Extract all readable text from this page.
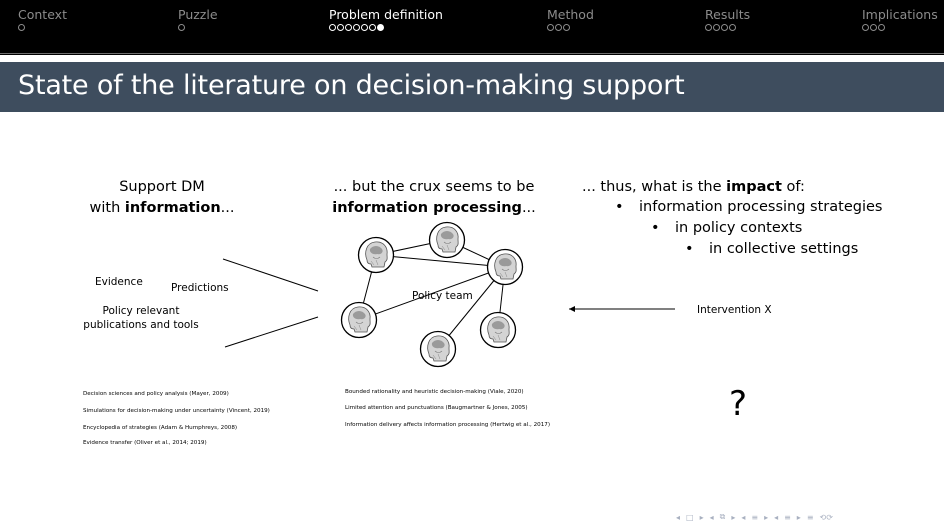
Context	Puzzle	Problem definition	Method	Results	Implications
State of the literature on decision-making support
Support DM
with information...
Evidence	Predictions
Policy relevant
publications and tools
Decision sciences and policy analysis (Mayer, 2009)
Simulations for decision-making under uncertainty (Vincent, 2019)
Encyclopedia of strategies (Adam & Humphreys, 2008)
Evidence transfer (Oliver et al., 2014; 2019)
... but the crux seems to be
information processing...
Policy team
Bounded rationality and heuristic decision-making (Viale, 2020)
Limited attention and punctuations (Baugmartner & Jones, 2005)
Information delivery affects information processing (Hertwig et al., 2017)
... thus, what is the impact of:
• information processing strategies
• in policy contexts
• in collective settings
Intervention X
?
◂ □ ▸ ◂ ⧉ ▸ ◂ ≡ ▸ ◂ ≡ ▸ ≡ ⟲⟳
